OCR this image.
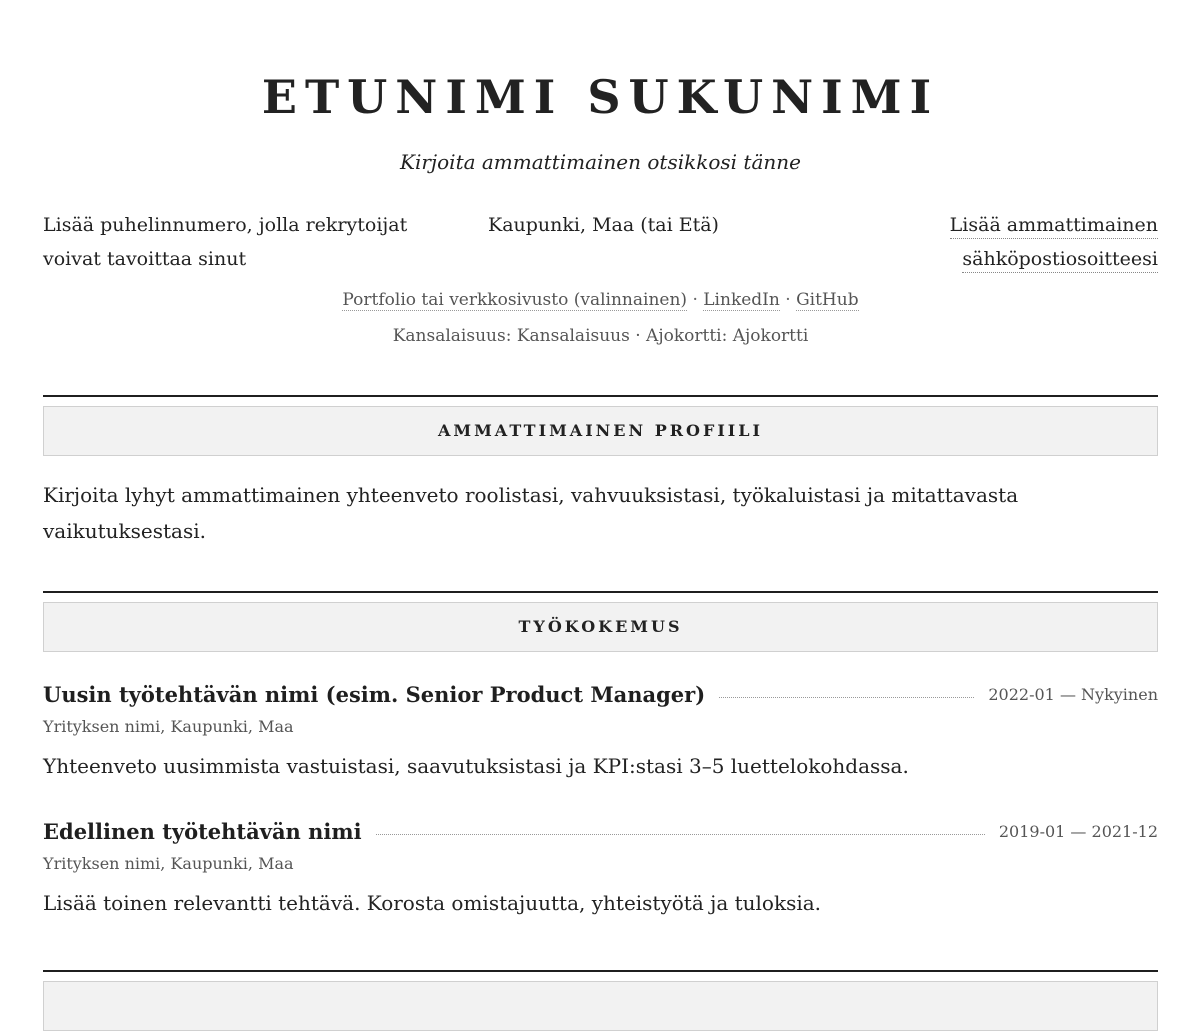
ETUNIMI SUKUNIMI
Kirjoita ammattimainen otsikkosi tänne
Lisää puhelinnumero, jolla rekrytoijat voivat tavoittaa sinut
Kaupunki, Maa (tai Etä)	Lisää ammattimainen sähköpostiosoitteesi
Portfolio tai verkkosivusto (valinnainen) · LinkedIn · GitHub
Kansalaisuus: Kansalaisuus · Ajokortti: Ajokortti
AMMATTIMAINEN PROFIILI
Kirjoita lyhyt ammattimainen yhteenveto roolistasi, vahvuuksistasi, työkaluistasi ja mitattavasta vaikutuksestasi.
TYÖKOKEMUS
Uusin työtehtävän nimi (esim. Senior Product Manager)	2022-01 — Nykyinen
Yrityksen nimi, Kaupunki, Maa
Yhteenveto uusimmista vastuistasi, saavutuksistasi ja KPI:stasi 3–5 luettelokohdassa.
Edellinen työtehtävän nimi	2019-01 — 2021-12
Yrityksen nimi, Kaupunki, Maa
Lisää toinen relevantti tehtävä. Korosta omistajuutta, yhteistyötä ja tuloksia.
